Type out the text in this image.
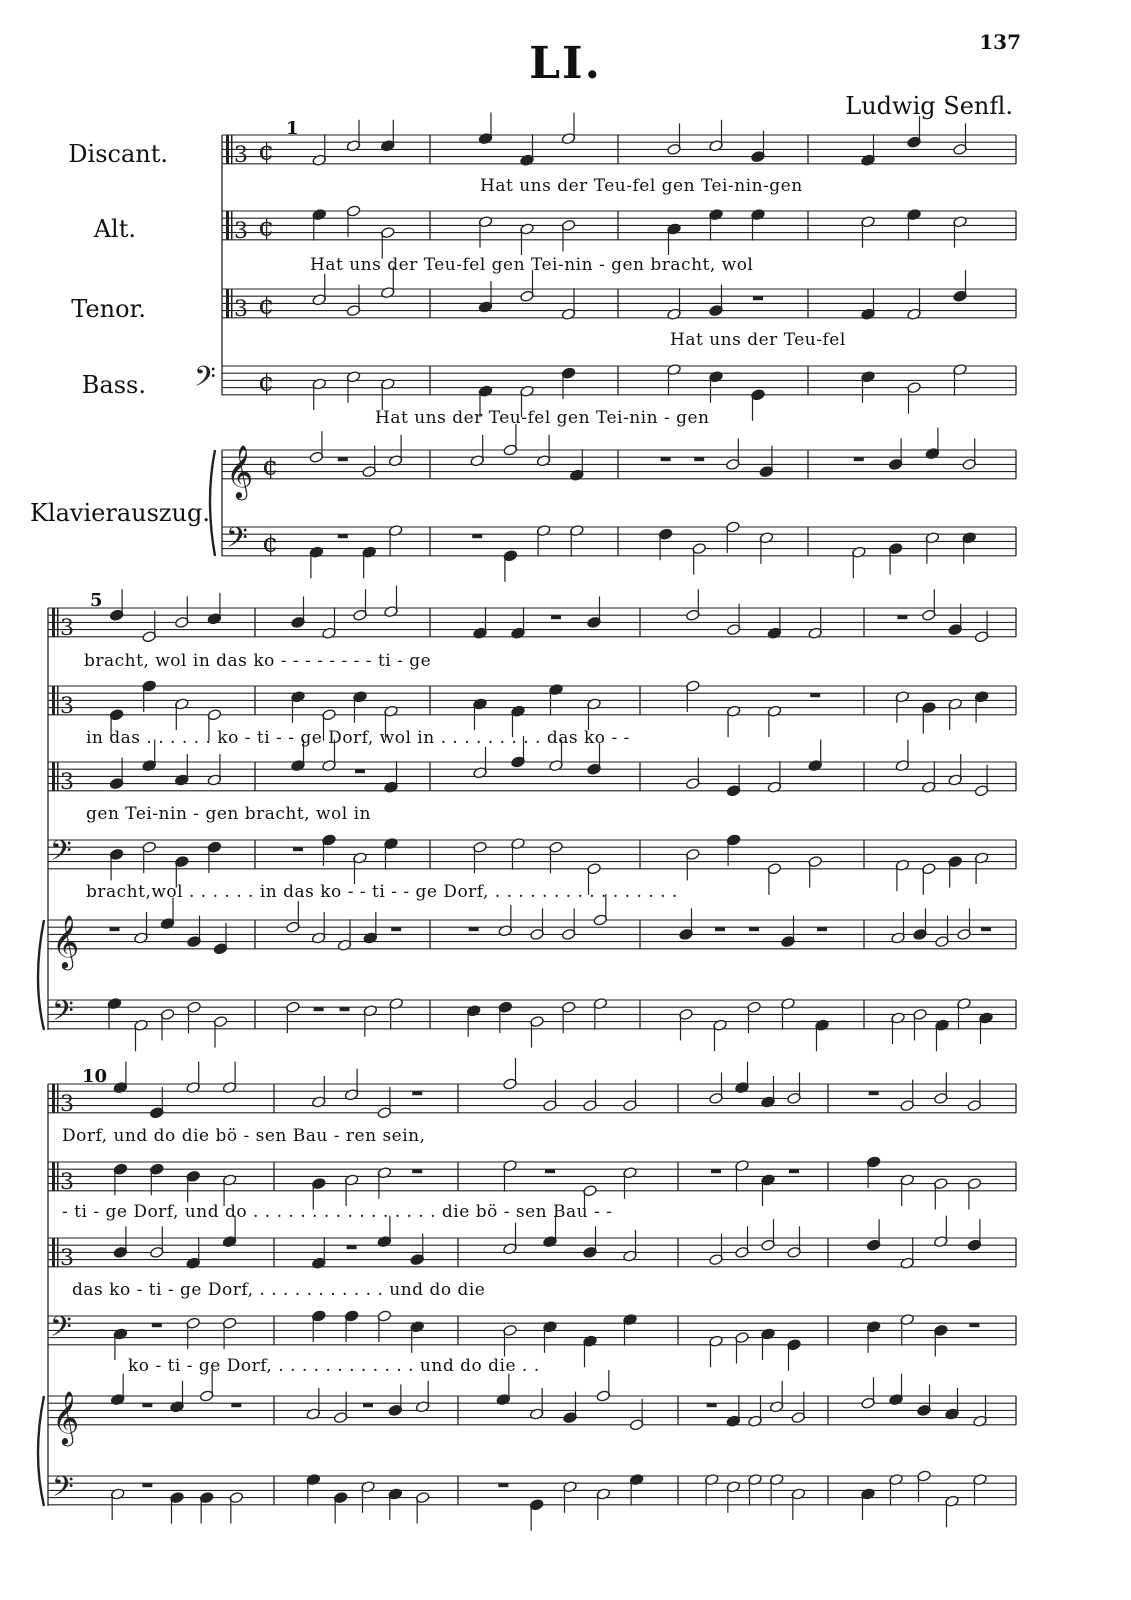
137
LI.
Ludwig Senfl.
Discant.
Alt.
Tenor.
Bass.
Klavierauszug.
1
5
10
Hat uns der Teu-fel gen Tei-nin-gen
Hat uns der Teu-fel gen Tei-nin - gen bracht, wol
Hat uns der Teu-fel
Hat uns der Teu-fel gen Tei-nin - gen
bracht, wol in das ko - - - - - - - - ti - ge
in das . . . . . . ko - ti - - ge Dorf, wol in . . . . . . . . . das ko - -
gen Tei-nin - gen bracht, wol in
bracht,wol . . . . . . in das ko - - ti - - ge Dorf, . . . . . . . . . . . . . . . .
Dorf, und do die bö - sen Bau - ren sein,
- ti - ge Dorf, und do . . . . . . . . . . . . . . . . die bö - sen Bau - -
das ko - ti - ge Dorf, . . . . . . . . . . . und do die
ko - ti - ge Dorf, . . . . . . . . . . . . und do die . .
3 ¢
3 ¢
3 ¢
𝄢 ¢
𝄞 ¢
𝄢 ¢
3
3
3
𝄢
𝄞
𝄢
3
3
3
𝄢
𝄞
𝄢
